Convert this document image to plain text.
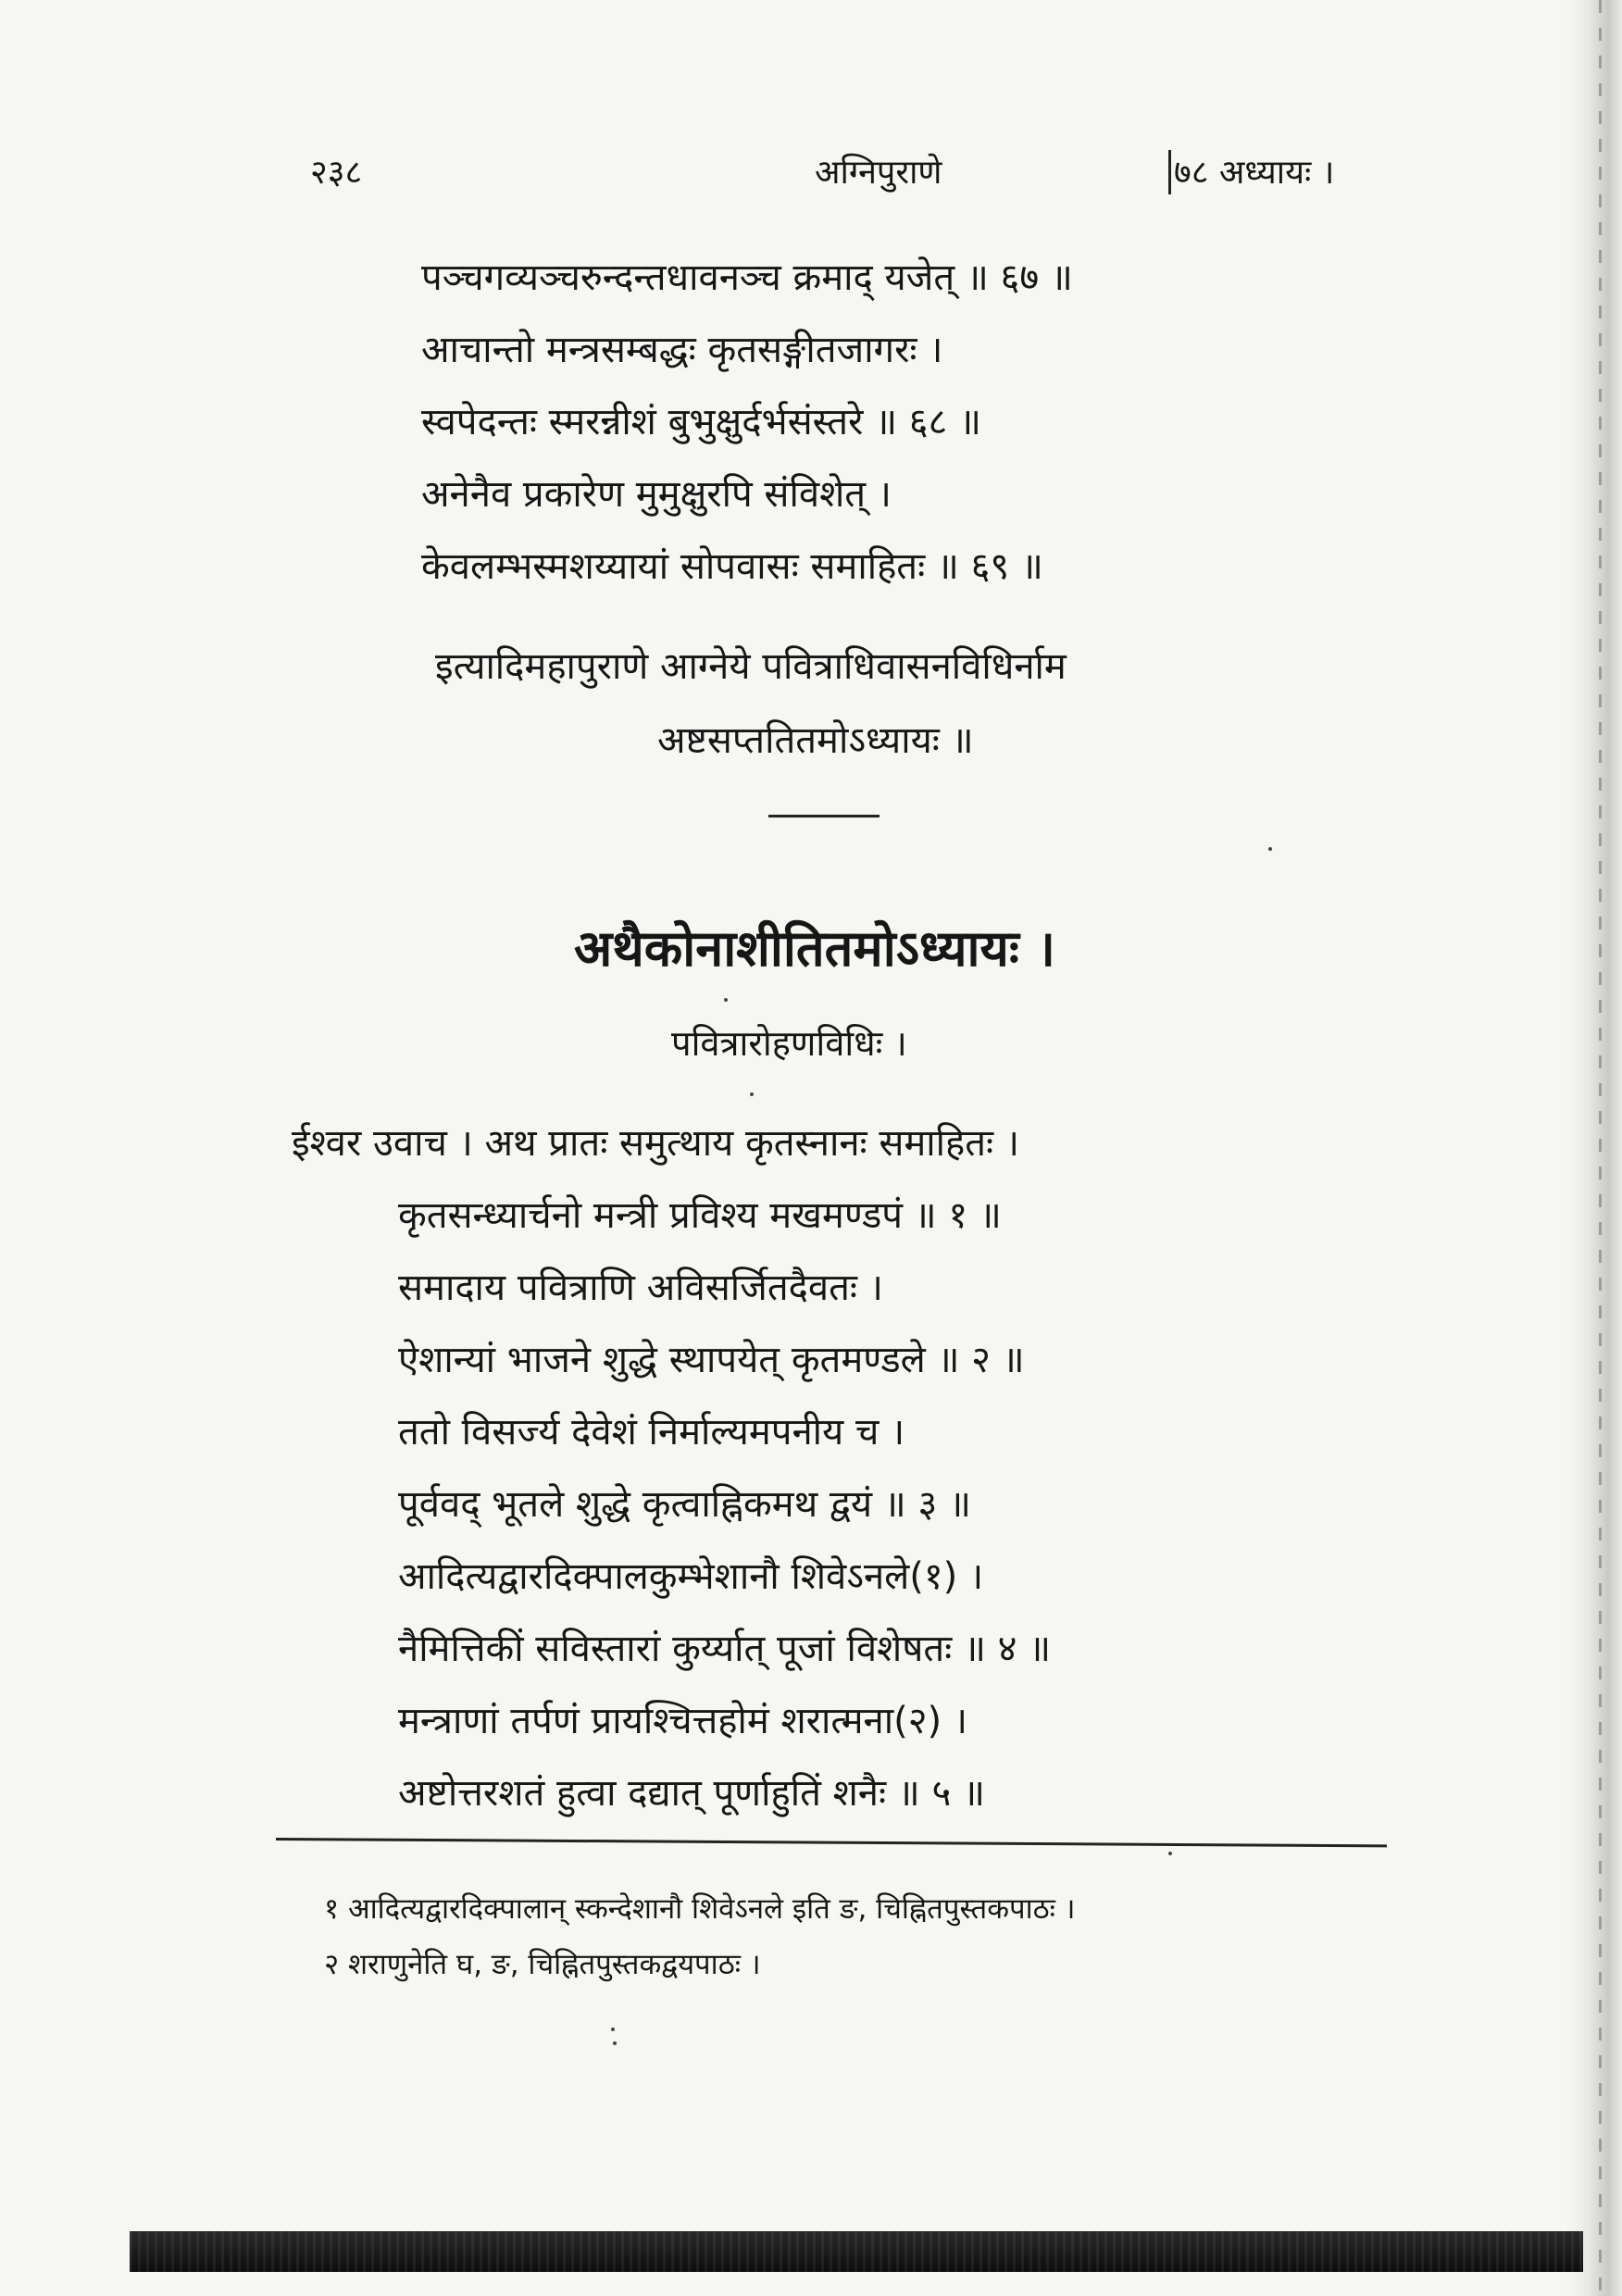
२३८	अग्निपुराणे	७८ अध्यायः ।
पञ्चगव्यञ्चरुन्दन्तधावनञ्च क्रमाद् यजेत् ॥ ६७ ॥
आचान्तो मन्त्रसम्बद्धः कृतसङ्गीतजागरः ।
स्वपेदन्तः स्मरन्नीशं बुभुक्षुर्दर्भसंस्तरे ॥ ६८ ॥
अनेनैव प्रकारेण मुमुक्षुरपि संविशेत् ।
केवलम्भस्मशय्यायां सोपवासः समाहितः ॥ ६९ ॥
इत्यादिमहापुराणे आग्नेये पवित्राधिवासनविधिर्नाम
अष्टसप्ततितमोऽध्यायः ॥
अथैकोनाशीतितमोऽध्यायः ।
पवित्रारोहणविधिः ।
ईश्वर उवाच । अथ प्रातः समुत्थाय कृतस्नानः समाहितः ।
कृतसन्ध्यार्चनो मन्त्री प्रविश्य मखमण्डपं ॥ १ ॥
समादाय पवित्राणि अविसर्जितदैवतः ।
ऐशान्यां भाजने शुद्धे स्थापयेत् कृतमण्डले ॥ २ ॥
ततो विसर्ज्य देवेशं निर्माल्यमपनीय च ।
पूर्ववद् भूतले शुद्धे कृत्वाह्निकमथ द्वयं ॥ ३ ॥
आदित्यद्वारदिक्पालकुम्भेशानौ शिवेऽनले(१) ।
नैमित्तिकीं सविस्तारां कुर्य्यात् पूजां विशेषतः ॥ ४ ॥
मन्त्राणां तर्पणं प्रायश्चित्तहोमं शरात्मना(२) ।
अष्टोत्तरशतं हुत्वा दद्यात् पूर्णाहुतिं शनैः ॥ ५ ॥
१ आदित्यद्वारदिक्पालान् स्कन्देशानौ शिवेऽनले इति ङ, चिह्नितपुस्तकपाठः ।
२ शराणुनेति घ, ङ, चिह्नितपुस्तकद्वयपाठः ।
